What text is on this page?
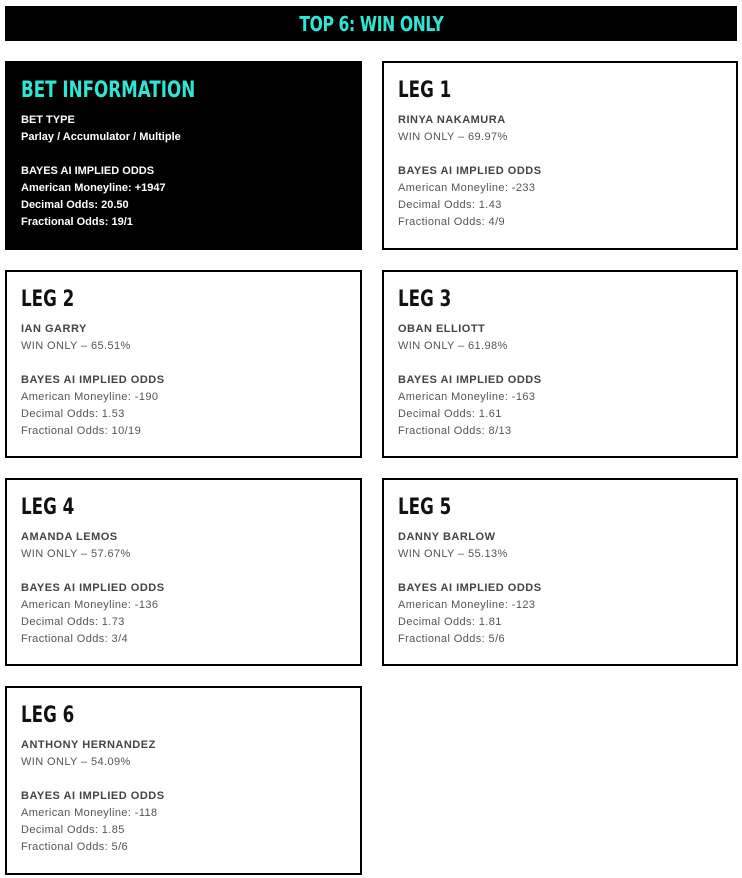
TOP 6: WIN ONLY
BET INFORMATION
BET TYPE
Parlay / Accumulator / Multiple
BAYES AI IMPLIED ODDS
American Moneyline: +1947
Decimal Odds: 20.50
Fractional Odds: 19/1
LEG 1
RINYA NAKAMURA
WIN ONLY – 69.97%
BAYES AI IMPLIED ODDS
American Moneyline: -233
Decimal Odds: 1.43
Fractional Odds: 4/9
LEG 2
IAN GARRY
WIN ONLY – 65.51%
BAYES AI IMPLIED ODDS
American Moneyline: -190
Decimal Odds: 1.53
Fractional Odds: 10/19
LEG 3
OBAN ELLIOTT
WIN ONLY – 61.98%
BAYES AI IMPLIED ODDS
American Moneyline: -163
Decimal Odds: 1.61
Fractional Odds: 8/13
LEG 4
AMANDA LEMOS
WIN ONLY – 57.67%
BAYES AI IMPLIED ODDS
American Moneyline: -136
Decimal Odds: 1.73
Fractional Odds: 3/4
LEG 5
DANNY BARLOW
WIN ONLY – 55.13%
BAYES AI IMPLIED ODDS
American Moneyline: -123
Decimal Odds: 1.81
Fractional Odds: 5/6
LEG 6
ANTHONY HERNANDEZ
WIN ONLY – 54.09%
BAYES AI IMPLIED ODDS
American Moneyline: -118
Decimal Odds: 1.85
Fractional Odds: 5/6
